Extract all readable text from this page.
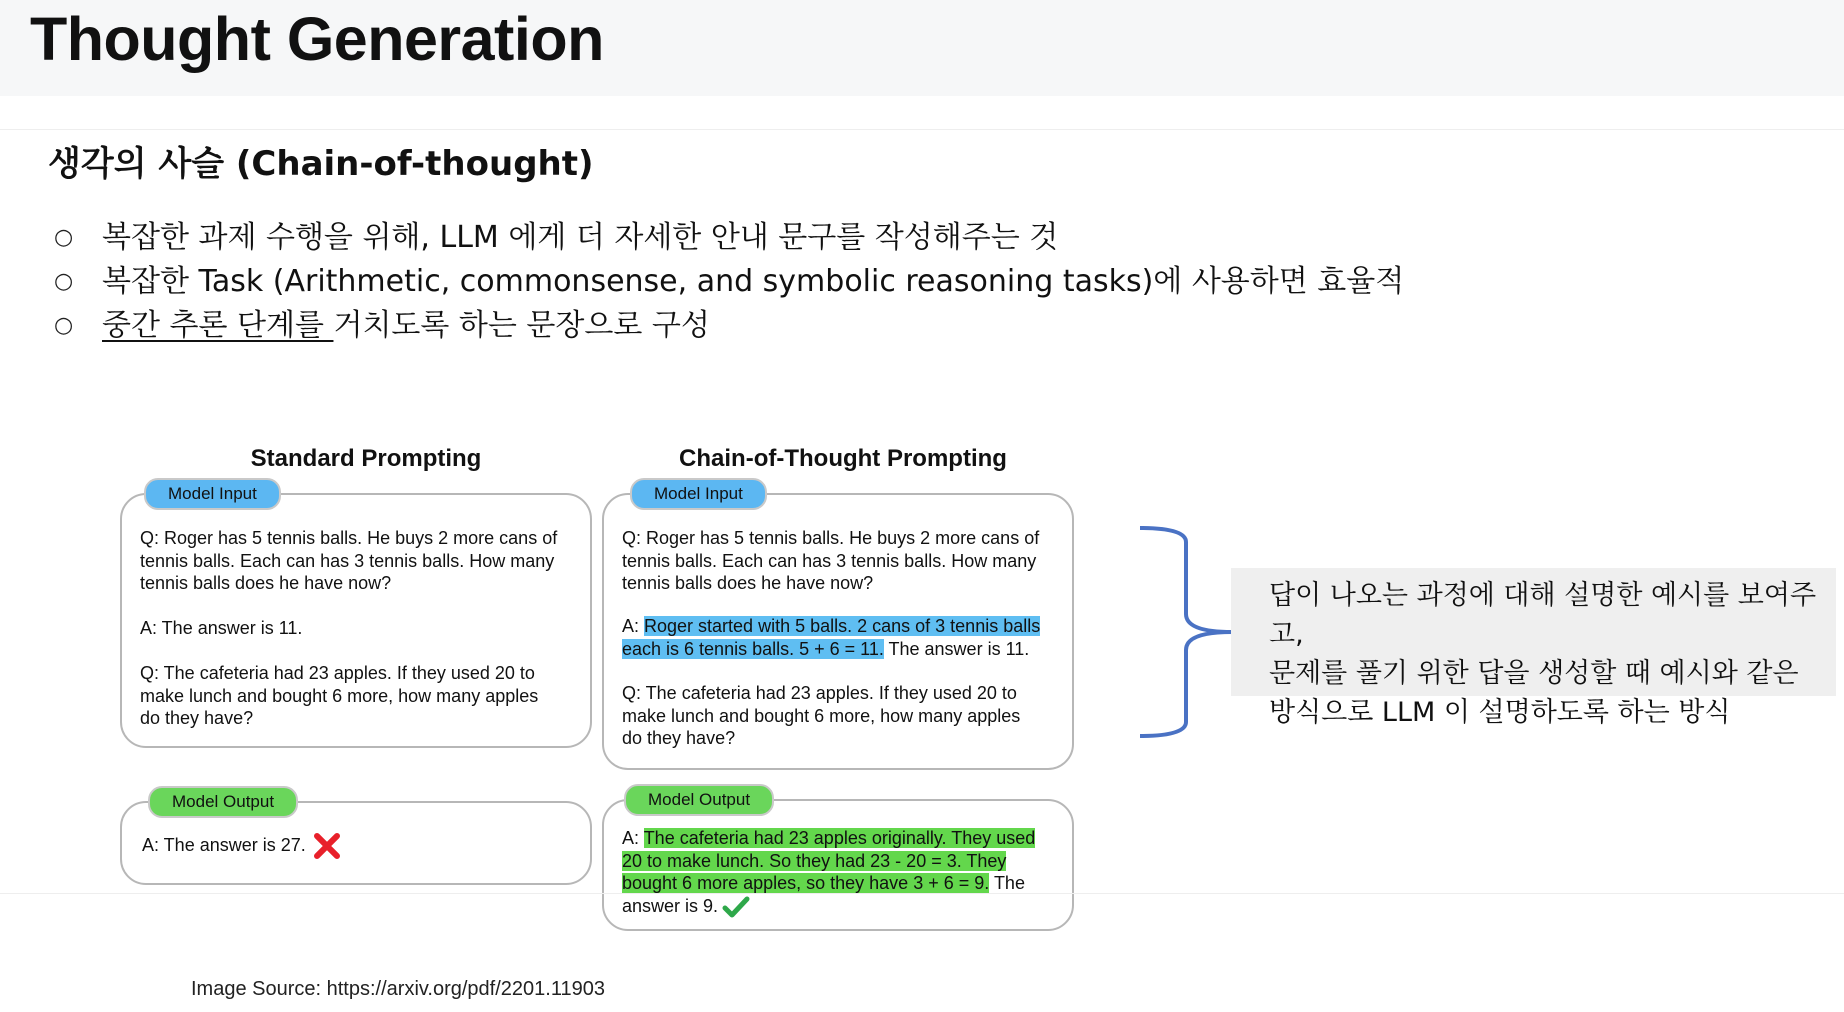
Thought Generation
생각의 사슬 (Chain-of-thought)
○ 복잡한 과제 수행을 위해, LLM 에게 더 자세한 안내 문구를 작성해주는 것
○ 복잡한 Task (Arithmetic, commonsense, and symbolic reasoning tasks)에 사용하면 효율적
○ 중간 추론 단계를 거치도록 하는 문장으로 구성
Standard Prompting
Q: Roger has 5 tennis balls. He buys 2 more cans of
tennis balls. Each can has 3 tennis balls. How many
tennis balls does he have now?

A: The answer is 11.

Q: The cafeteria had 23 apples. If they used 20 to
make lunch and bought 6 more, how many apples
do they have?
Model Input
A: The answer is 27.
Model Output
Chain-of-Thought Prompting
Q: Roger has 5 tennis balls. He buys 2 more cans of
tennis balls. Each can has 3 tennis balls. How many
tennis balls does he have now?
A: Roger started with 5 balls. 2 cans of 3 tennis balls
each is 6 tennis balls. 5 + 6 = 11. The answer is 11.
Q: The cafeteria had 23 apples. If they used 20 to
make lunch and bought 6 more, how many apples
do they have?
Model Input
A: The cafeteria had 23 apples originally. They used
20 to make lunch. So they had 23 - 20 = 3. They
bought 6 more apples, so they have 3 + 6 = 9. The
answer is 9.
Model Output
답이 나오는 과정에 대해 설명한 예시를 보여주고,
문제를 풀기 위한 답을 생성할 때 예시와 같은
방식으로 LLM 이 설명하도록 하는 방식
Image Source: https://arxiv.org/pdf/2201.11903
